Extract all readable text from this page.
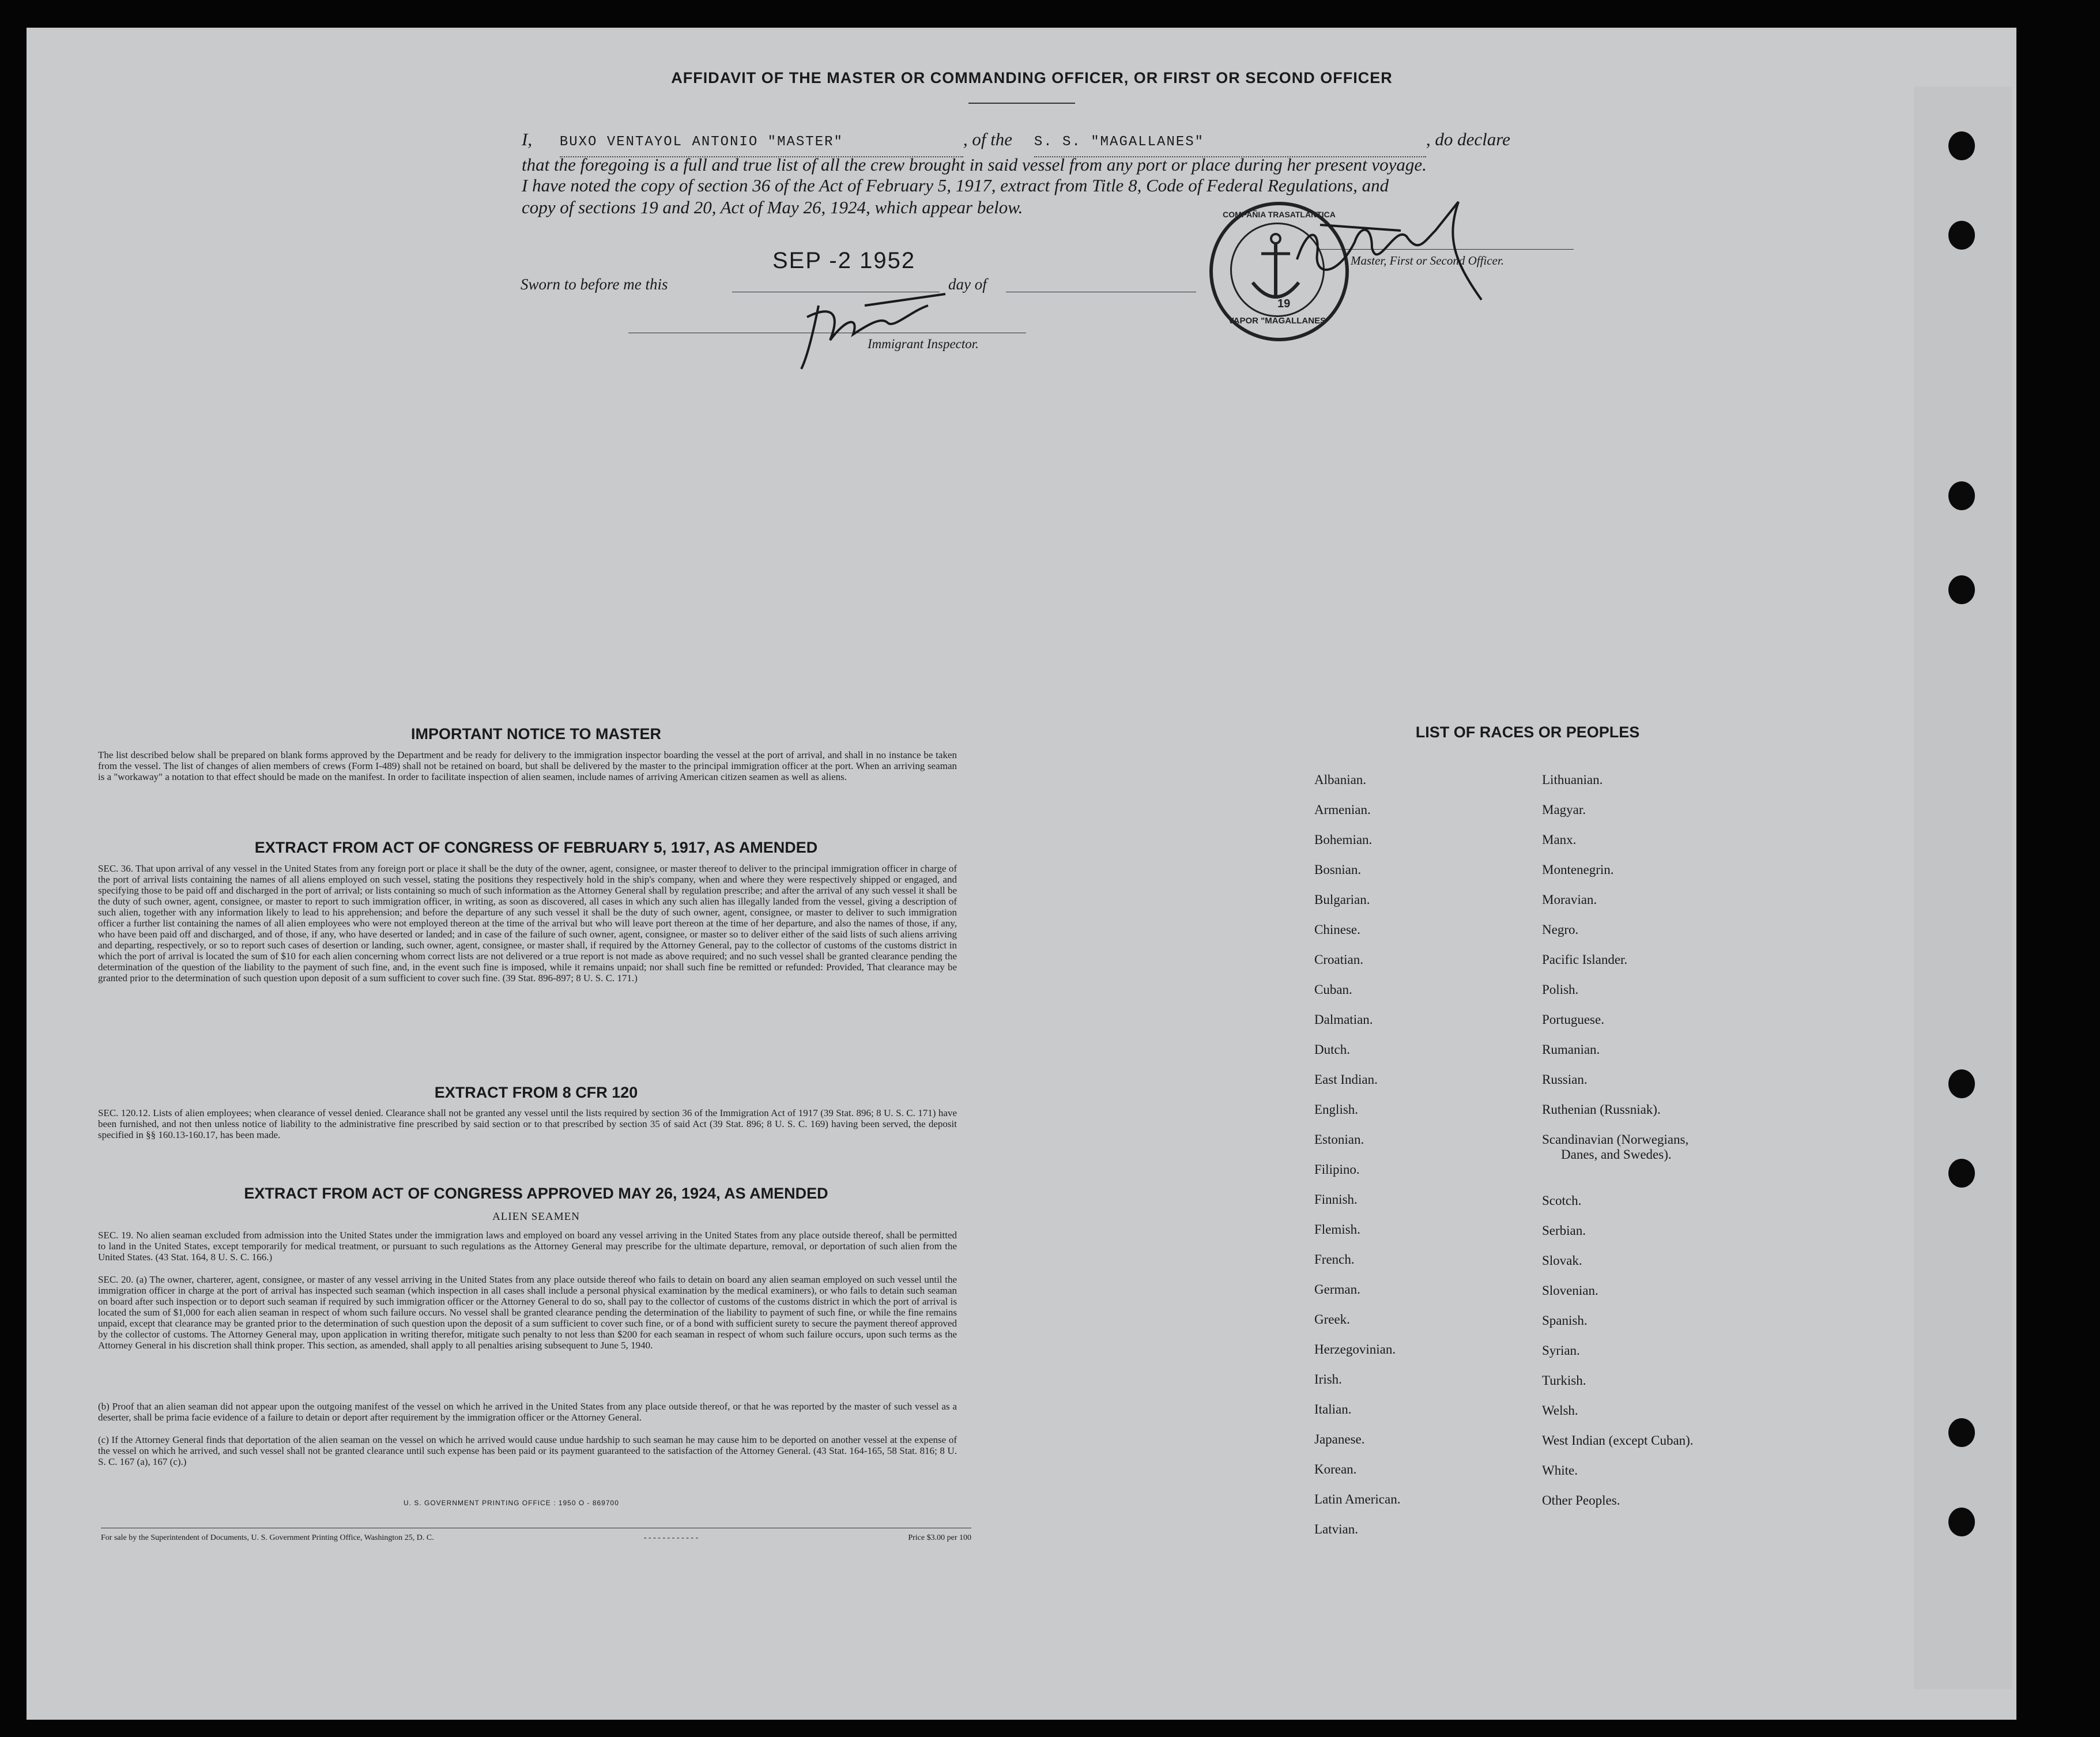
AFFIDAVIT OF THE MASTER OR COMMANDING OFFICER, OR FIRST OR SECOND OFFICER
I, BUXO VENTAYOL ANTONIO "MASTER"	, of the S. S. "MAGALLANES"	, do declare
that the foregoing is a full and true list of all the crew brought in said vessel from any port or place during her present voyage.
I have noted the copy of section 36 of the Act of February 5, 1917, extract from Title 8, Code of Federal Regulations, and
copy of sections 19 and 20, Act of May 26, 1924, which appear below.
Sworn to before me this
SEP -2 1952
day of
Master, First or Second Officer.
Immigrant Inspector.
COMPAÑIA TRASATLANTICA
VAPOR "MAGALLANES"
19
IMPORTANT NOTICE TO MASTER
The list described below shall be prepared on blank forms approved by the Department and be ready for delivery to the immigration inspector boarding the vessel at the port of arrival, and shall in no instance be taken from the vessel. The list of changes of alien members of crews (Form I-489) shall not be retained on board, but shall be delivered by the master to the principal immigration officer at the port. When an arriving seaman is a "workaway" a notation to that effect should be made on the manifest. In order to facilitate inspection of alien seamen, include names of arriving American citizen seamen as well as aliens.
EXTRACT FROM ACT OF CONGRESS OF FEBRUARY 5, 1917, AS AMENDED
SEC. 36. That upon arrival of any vessel in the United States from any foreign port or place it shall be the duty of the owner, agent, consignee, or master thereof to deliver to the principal immigration officer in charge of the port of arrival lists containing the names of all aliens employed on such vessel, stating the positions they respectively hold in the ship's company, when and where they were respectively shipped or engaged, and specifying those to be paid off and discharged in the port of arrival; or lists containing so much of such information as the Attorney General shall by regulation prescribe; and after the arrival of any such vessel it shall be the duty of such owner, agent, consignee, or master to report to such immigration officer, in writing, as soon as discovered, all cases in which any such alien has illegally landed from the vessel, giving a description of such alien, together with any information likely to lead to his apprehension; and before the departure of any such vessel it shall be the duty of such owner, agent, consignee, or master to deliver to such immigration officer a further list containing the names of all alien employees who were not employed thereon at the time of the arrival but who will leave port thereon at the time of her departure, and also the names of those, if any, who have been paid off and discharged, and of those, if any, who have deserted or landed; and in case of the failure of such owner, agent, consignee, or master so to deliver either of the said lists of such aliens arriving and departing, respectively, or so to report such cases of desertion or landing, such owner, agent, consignee, or master shall, if required by the Attorney General, pay to the collector of customs of the customs district in which the port of arrival is located the sum of $10 for each alien concerning whom correct lists are not delivered or a true report is not made as above required; and no such vessel shall be granted clearance pending the determination of the question of the liability to the payment of such fine, and, in the event such fine is imposed, while it remains unpaid; nor shall such fine be remitted or refunded: Provided, That clearance may be granted prior to the determination of such question upon deposit of a sum sufficient to cover such fine. (39 Stat. 896-897; 8 U. S. C. 171.)
EXTRACT FROM 8 CFR 120
SEC. 120.12. Lists of alien employees; when clearance of vessel denied. Clearance shall not be granted any vessel until the lists required by section 36 of the Immigration Act of 1917 (39 Stat. 896; 8 U. S. C. 171) have been furnished, and not then unless notice of liability to the administrative fine prescribed by said section or to that prescribed by section 35 of said Act (39 Stat. 896; 8 U. S. C. 169) having been served, the deposit specified in §§ 160.13-160.17, has been made.
EXTRACT FROM ACT OF CONGRESS APPROVED MAY 26, 1924, AS AMENDED
ALIEN SEAMEN
SEC. 19. No alien seaman excluded from admission into the United States under the immigration laws and employed on board any vessel arriving in the United States from any place outside thereof, shall be permitted to land in the United States, except temporarily for medical treatment, or pursuant to such regulations as the Attorney General may prescribe for the ultimate departure, removal, or deportation of such alien from the United States. (43 Stat. 164, 8 U. S. C. 166.)
SEC. 20. (a) The owner, charterer, agent, consignee, or master of any vessel arriving in the United States from any place outside thereof who fails to detain on board any alien seaman employed on such vessel until the immigration officer in charge at the port of arrival has inspected such seaman (which inspection in all cases shall include a personal physical examination by the medical examiners), or who fails to detain such seaman on board after such inspection or to deport such seaman if required by such immigration officer or the Attorney General to do so, shall pay to the collector of customs of the customs district in which the port of arrival is located the sum of $1,000 for each alien seaman in respect of whom such failure occurs. No vessel shall be granted clearance pending the determination of the liability to payment of such fine, or while the fine remains unpaid, except that clearance may be granted prior to the determination of such question upon the deposit of a sum sufficient to cover such fine, or of a bond with sufficient surety to secure the payment thereof approved by the collector of customs. The Attorney General may, upon application in writing therefor, mitigate such penalty to not less than $200 for each seaman in respect of whom such failure occurs, upon such terms as the Attorney General in his discretion shall think proper. This section, as amended, shall apply to all penalties arising subsequent to June 5, 1940.
(b) Proof that an alien seaman did not appear upon the outgoing manifest of the vessel on which he arrived in the United States from any place outside thereof, or that he was reported by the master of such vessel as a deserter, shall be prima facie evidence of a failure to detain or deport after requirement by the immigration officer or the Attorney General.
(c) If the Attorney General finds that deportation of the alien seaman on the vessel on which he arrived would cause undue hardship to such seaman he may cause him to be deported on another vessel at the expense of the vessel on which he arrived, and such vessel shall not be granted clearance until such expense has been paid or its payment guaranteed to the satisfaction of the Attorney General. (43 Stat. 164-165, 58 Stat. 816; 8 U. S. C. 167 (a), 167 (c).)
U. S. GOVERNMENT PRINTING OFFICE : 1950 O - 869700
For sale by the Superintendent of Documents, U. S. Government Printing Office, Washington 25, D. C.	- - - - - - - - - - - -	Price $3.00 per 100
LIST OF RACES OR PEOPLES
Albanian.
Armenian.
Bohemian.
Bosnian.
Bulgarian.
Chinese.
Croatian.
Cuban.
Dalmatian.
Dutch.
East Indian.
English.
Estonian.
Filipino.
Finnish.
Flemish.
French.
German.
Greek.
Herzegovinian.
Irish.
Italian.
Japanese.
Korean.
Latin American.
Latvian.
Lithuanian.
Magyar.
Manx.
Montenegrin.
Moravian.
Negro.
Pacific Islander.
Polish.
Portuguese.
Rumanian.
Russian.
Ruthenian (Russniak).
Scandinavian (Norwegians,
Danes, and Swedes).
Scotch.
Serbian.
Slovak.
Slovenian.
Spanish.
Syrian.
Turkish.
Welsh.
West Indian (except Cuban).
White.
Other Peoples.
